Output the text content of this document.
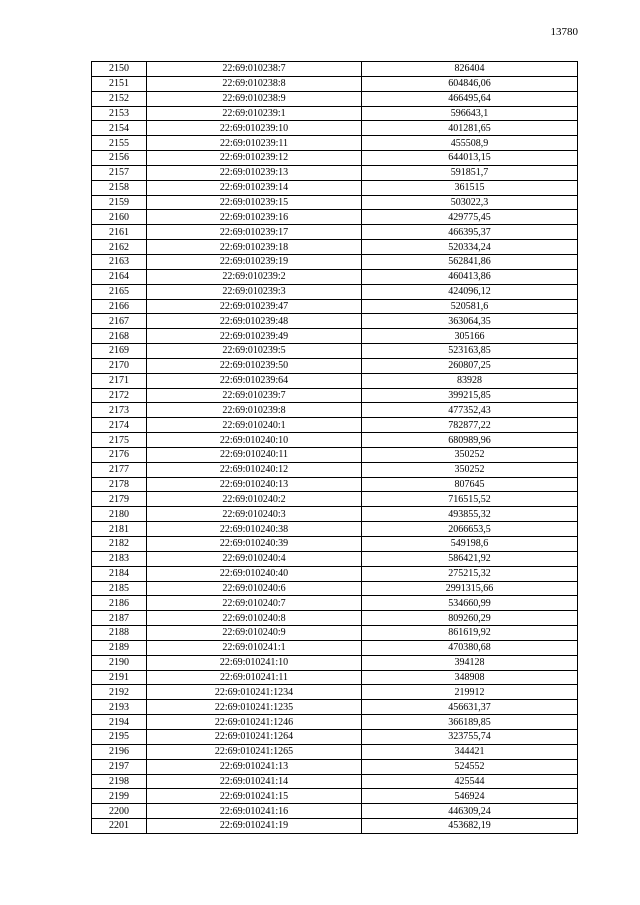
13780
2150	22:69:010238:7	826404
2151	22:69:010238:8	604846,06
2152	22:69:010238:9	466495,64
2153	22:69:010239:1	596643,1
2154	22:69:010239:10	401281,65
2155	22:69:010239:11	455508,9
2156	22:69:010239:12	644013,15
2157	22:69:010239:13	591851,7
2158	22:69:010239:14	361515
2159	22:69:010239:15	503022,3
2160	22:69:010239:16	429775,45
2161	22:69:010239:17	466395,37
2162	22:69:010239:18	520334,24
2163	22:69:010239:19	562841,86
2164	22:69:010239:2	460413,86
2165	22:69:010239:3	424096,12
2166	22:69:010239:47	520581,6
2167	22:69:010239:48	363064,35
2168	22:69:010239:49	305166
2169	22:69:010239:5	523163,85
2170	22:69:010239:50	260807,25
2171	22:69:010239:64	83928
2172	22:69:010239:7	399215,85
2173	22:69:010239:8	477352,43
2174	22:69:010240:1	782877,22
2175	22:69:010240:10	680989,96
2176	22:69:010240:11	350252
2177	22:69:010240:12	350252
2178	22:69:010240:13	807645
2179	22:69:010240:2	716515,52
2180	22:69:010240:3	493855,32
2181	22:69:010240:38	2066653,5
2182	22:69:010240:39	549198,6
2183	22:69:010240:4	586421,92
2184	22:69:010240:40	275215,32
2185	22:69:010240:6	2991315,66
2186	22:69:010240:7	534660,99
2187	22:69:010240:8	809260,29
2188	22:69:010240:9	861619,92
2189	22:69:010241:1	470380,68
2190	22:69:010241:10	394128
2191	22:69:010241:11	348908
2192	22:69:010241:1234	219912
2193	22:69:010241:1235	456631,37
2194	22:69:010241:1246	366189,85
2195	22:69:010241:1264	323755,74
2196	22:69:010241:1265	344421
2197	22:69:010241:13	524552
2198	22:69:010241:14	425544
2199	22:69:010241:15	546924
2200	22:69:010241:16	446309,24
2201	22:69:010241:19	453682,19
